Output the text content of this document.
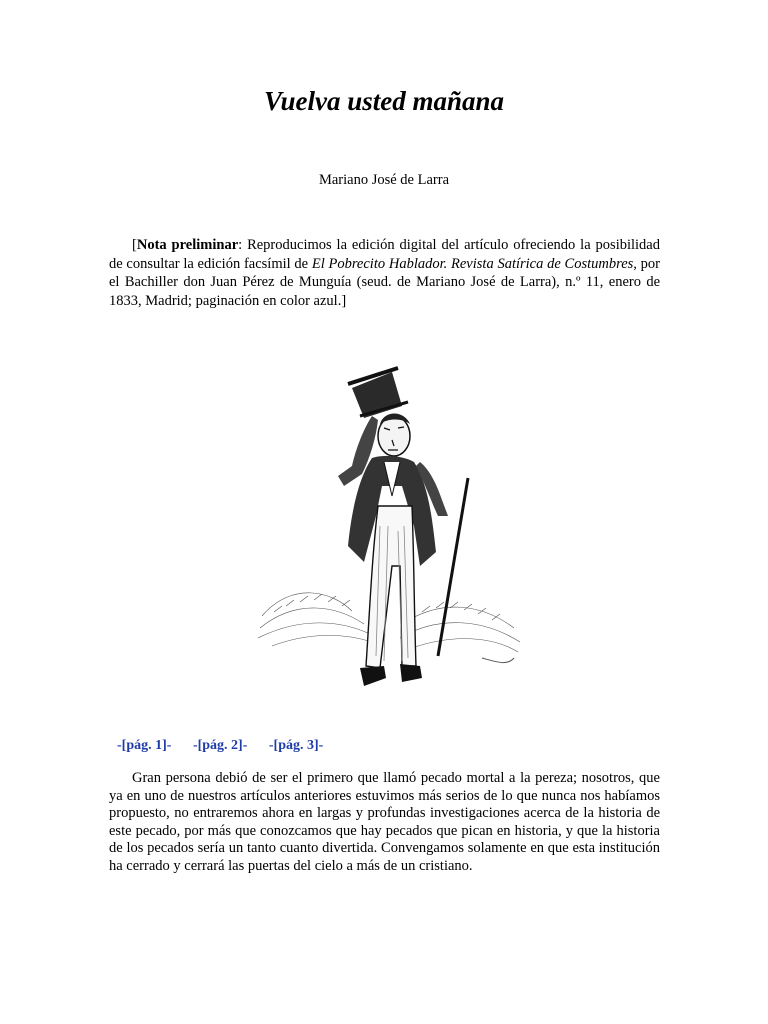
Vuelva usted mañana
Mariano José de Larra

[Nota preliminar: Reproducimos la edición digital del artículo ofreciendo la posibilidad de consultar la edición facsímil de El Pobrecito Hablador. Revista Satírica de Costumbres, por el Bachiller don Juan Pérez de Munguía (seud. de Mariano José de Larra), n.º 11, enero de 1833, Madrid; paginación en color azul.]

-[pág. 1]- -[pág. 2]- -[pág. 3]-

Gran persona debió de ser el primero que llamó pecado mortal a la pereza; nosotros, que ya en uno de nuestros artículos anteriores estuvimos más serios de lo que nunca nos habíamos propuesto, no entraremos ahora en largas y profundas investigaciones acerca de la historia de este pecado, por más que conozcamos que hay pecados que pican en historia, y que la historia de los pecados sería un tanto cuanto divertida. Convengamos solamente en que esta institución ha cerrado y cerrará las puertas del cielo a más de un cristiano.
